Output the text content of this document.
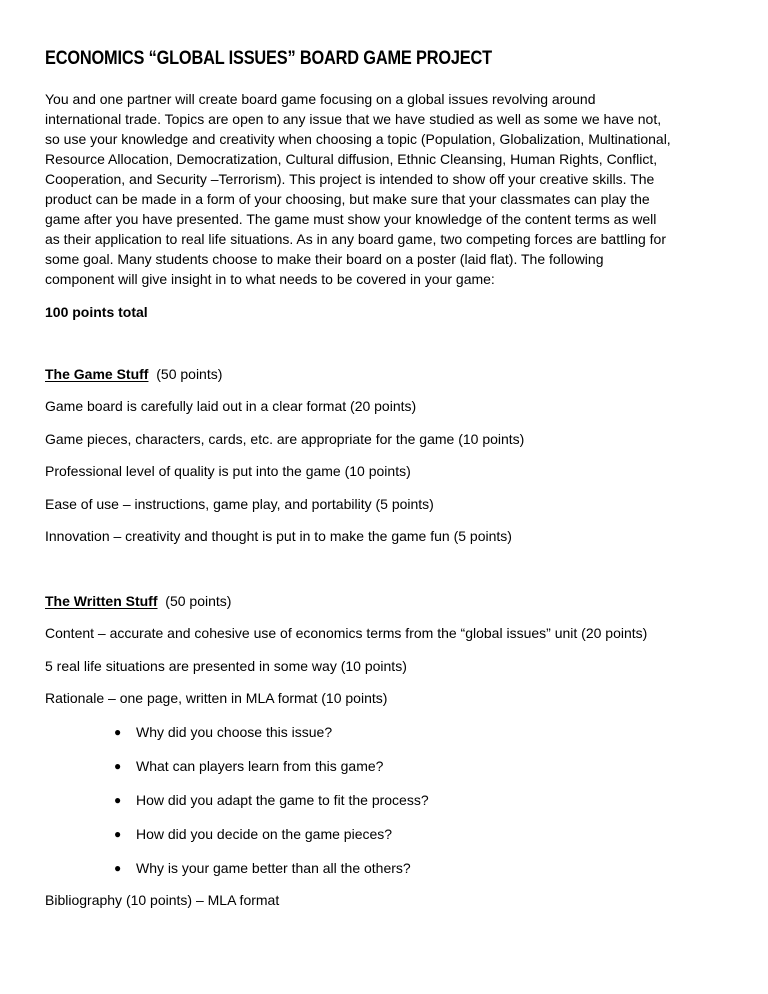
ECONOMICS “GLOBAL ISSUES” BOARD GAME PROJECT

You and one partner will create board game focusing on a global issues revolving around

international trade. Topics are open to any issue that we have studied as well as some we have not,

so use your knowledge and creativity when choosing a topic (Population, Globalization, Multinational,

Resource Allocation, Democratization, Cultural diffusion, Ethnic Cleansing, Human Rights, Conflict,

Cooperation, and Security –Terrorism). This project is intended to show off your creative skills. The

product can be made in a form of your choosing, but make sure that your classmates can play the

game after you have presented. The game must show your knowledge of the content terms as well

as their application to real life situations. As in any board game, two competing forces are battling for

some goal. Many students choose to make their board on a poster (laid flat). The following

component will give insight in to what needs to be covered in your game:

100 points total
The Game Stuff (50 points)
Game board is carefully laid out in a clear format (20 points)
Game pieces, characters, cards, etc. are appropriate for the game (10 points)
Professional level of quality is put into the game (10 points)
Ease of use – instructions, game play, and portability (5 points)
Innovation – creativity and thought is put in to make the game fun (5 points)
The Written Stuff (50 points)
Content – accurate and cohesive use of economics terms from the “global issues” unit (20 points)
5 real life situations are presented in some way (10 points)
Rationale – one page, written in MLA format (10 points)
● Why did you choose this issue?
● What can players learn from this game?
● How did you adapt the game to fit the process?
● How did you decide on the game pieces?
● Why is your game better than all the others?
Bibliography (10 points) – MLA format
